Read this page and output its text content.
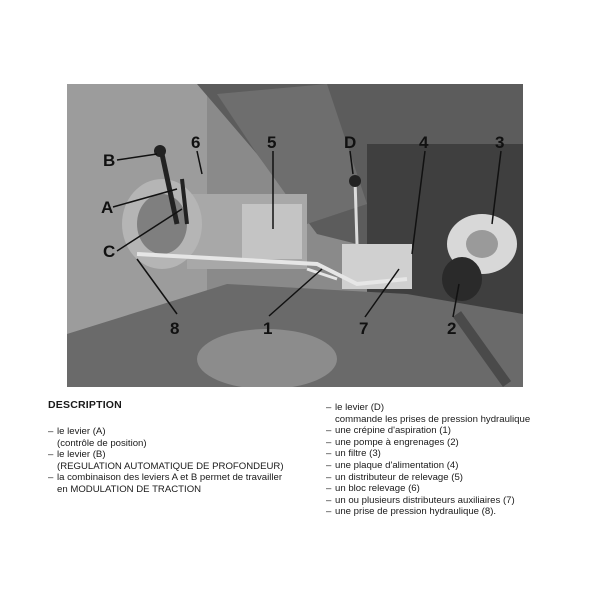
B
A
C
6	5	D	4	3
8	1	7	2
DESCRIPTION
– le levier (A)
(contrôle de position)
– le levier (B)
(REGULATION AUTOMATIQUE DE PROFONDEUR)
– la combinaison des leviers A et B permet de travailler en MODULATION DE TRACTION
– le levier (D)
commande les prises de pression hydraulique
– une crépine d'aspiration (1)
– une pompe à engrenages (2)
– un filtre (3)
– une plaque d'alimentation (4)
– un distributeur de relevage (5)
– un bloc relevage (6)
– un ou plusieurs distributeurs auxiliaires (7)
– une prise de pression hydraulique (8).
